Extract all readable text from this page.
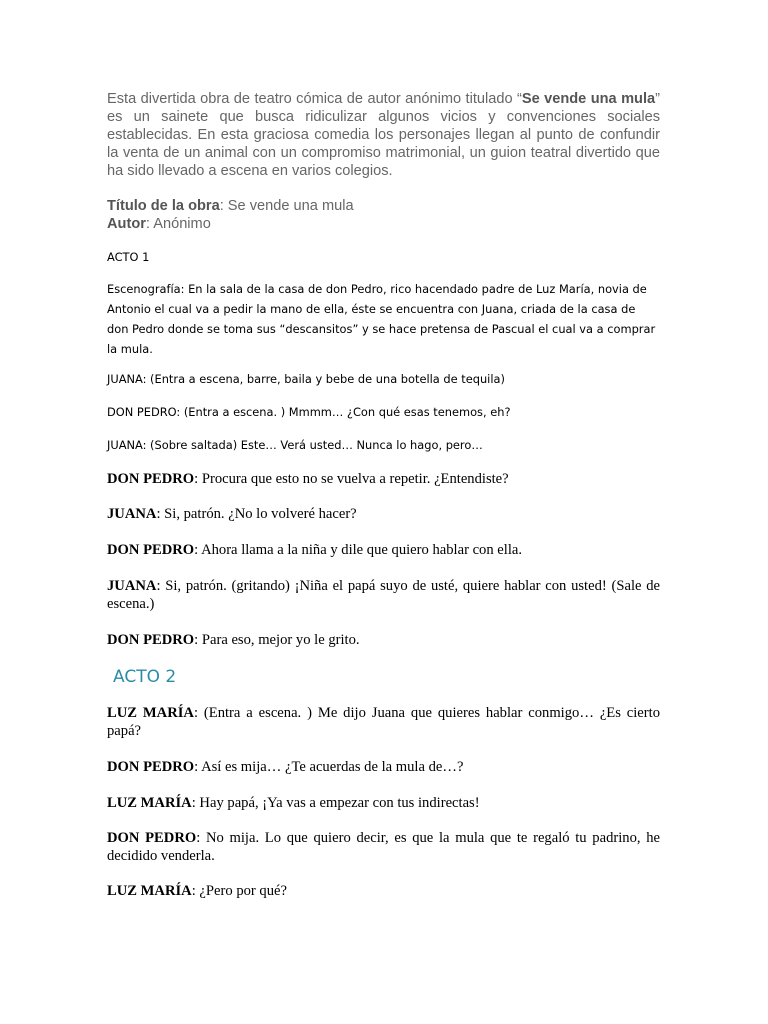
Esta divertida obra de teatro cómica de autor anónimo titulado “Se vende una mula” es un sainete que busca ridiculizar algunos vicios y convenciones sociales establecidas. En esta graciosa comedia los personajes llegan al punto de confundir la venta de un animal con un compromiso matrimonial, un guion teatral divertido que ha sido llevado a escena en varios colegios.

Título de la obra: Se vende una mula
Autor: Anónimo

ACTO 1

Escenografía: En la sala de la casa de don Pedro, rico hacendado padre de Luz María, novia de Antonio el cual va a pedir la mano de ella, éste se encuentra con Juana, criada de la casa de don Pedro donde se toma sus “descansitos” y se hace pretensa de Pascual el cual va a comprar la mula.

JUANA: (Entra a escena, barre, baila y bebe de una botella de tequila)

DON PEDRO: (Entra a escena. ) Mmmm… ¿Con qué esas tenemos, eh?

JUANA: (Sobre saltada) Este… Verá usted… Nunca lo hago, pero…

DON PEDRO: Procura que esto no se vuelva a repetir. ¿Entendiste?

JUANA: Si, patrón. ¿No lo volveré hacer?

DON PEDRO: Ahora llama a la niña y dile que quiero hablar con ella.

JUANA: Si, patrón. (gritando) ¡Niña el papá suyo de usté, quiere hablar con usted! (Sale de escena.)

DON PEDRO: Para eso, mejor yo le grito.

ACTO 2

LUZ MARÍA: (Entra a escena. ) Me dijo Juana que quieres hablar conmigo… ¿Es cierto papá?

DON PEDRO: Así es mija… ¿Te acuerdas de la mula de…?

LUZ MARÍA: Hay papá, ¡Ya vas a empezar con tus indirectas!

DON PEDRO: No mija. Lo que quiero decir, es que la mula que te regaló tu padrino, he decidido venderla.

LUZ MARÍA: ¿Pero por qué?
